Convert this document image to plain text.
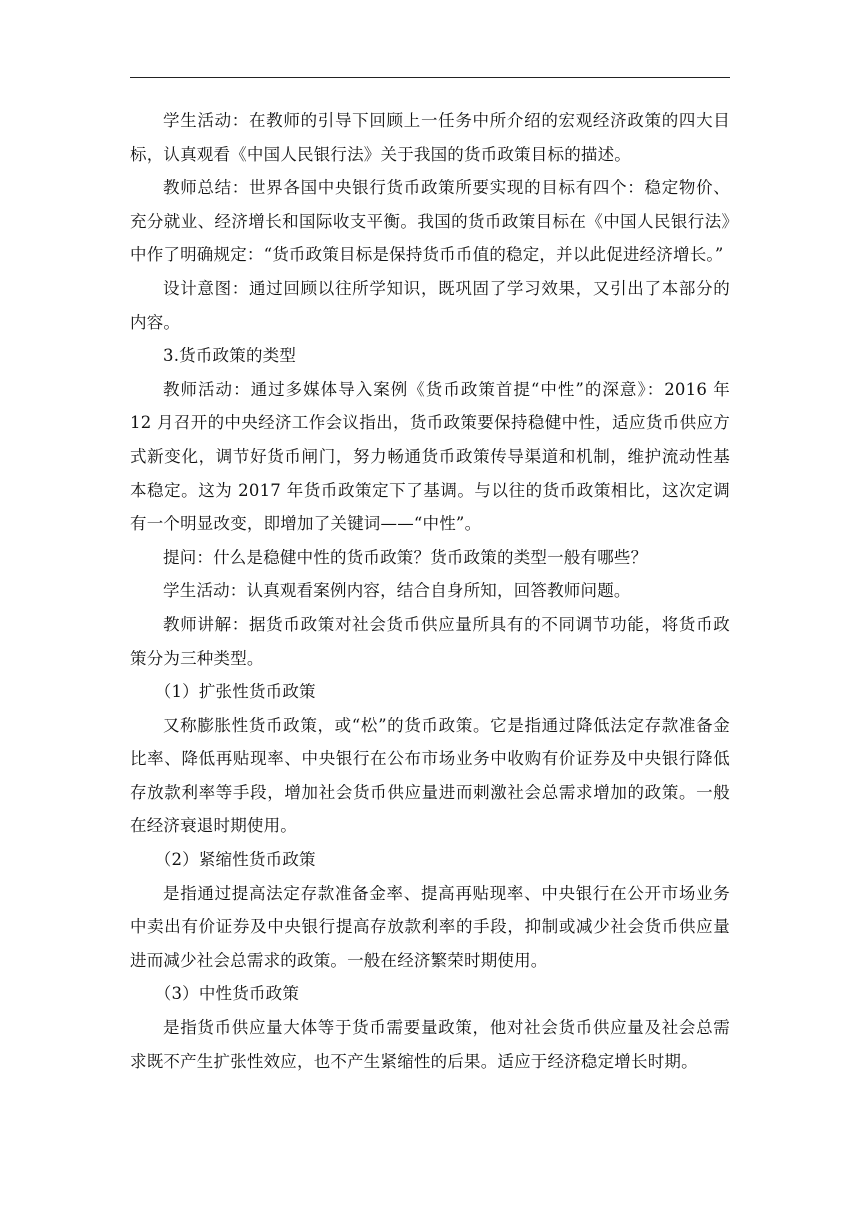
学生活动：在教师的引导下回顾上一任务中所介绍的宏观经济政策的四大目标，认真观看《中国人民银行法》关于我国的货币政策目标的描述。

教师总结：世界各国中央银行货币政策所要实现的目标有四个：稳定物价、充分就业、经济增长和国际收支平衡。我国的货币政策目标在《中国人民银行法》中作了明确规定：“货币政策目标是保持货币币值的稳定，并以此促进经济增长。”

设计意图：通过回顾以往所学知识，既巩固了学习效果，又引出了本部分的内容。

3.货币政策的类型

教师活动：通过多媒体导入案例《货币政策首提“中性”的深意》：2016 年 12 月召开的中央经济工作会议指出，货币政策要保持稳健中性，适应货币供应方式新变化，调节好货币闸门，努力畅通货币政策传导渠道和机制，维护流动性基本稳定。这为 2017 年货币政策定下了基调。与以往的货币政策相比，这次定调有一个明显改变，即增加了关键词——“中性”。

提问：什么是稳健中性的货币政策？货币政策的类型一般有哪些？

学生活动：认真观看案例内容，结合自身所知，回答教师问题。

教师讲解：据货币政策对社会货币供应量所具有的不同调节功能，将货币政策分为三种类型。

（1）扩张性货币政策

又称膨胀性货币政策，或“松”的货币政策。它是指通过降低法定存款准备金比率、降低再贴现率、中央银行在公布市场业务中收购有价证券及中央银行降低存放款利率等手段，增加社会货币供应量进而刺激社会总需求增加的政策。一般在经济衰退时期使用。

（2）紧缩性货币政策

是指通过提高法定存款准备金率、提高再贴现率、中央银行在公开市场业务中卖出有价证券及中央银行提高存放款利率的手段，抑制或减少社会货币供应量进而减少社会总需求的政策。一般在经济繁荣时期使用。

（3）中性货币政策

是指货币供应量大体等于货币需要量政策，他对社会货币供应量及社会总需求既不产生扩张性效应，也不产生紧缩性的后果。适应于经济稳定增长时期。
